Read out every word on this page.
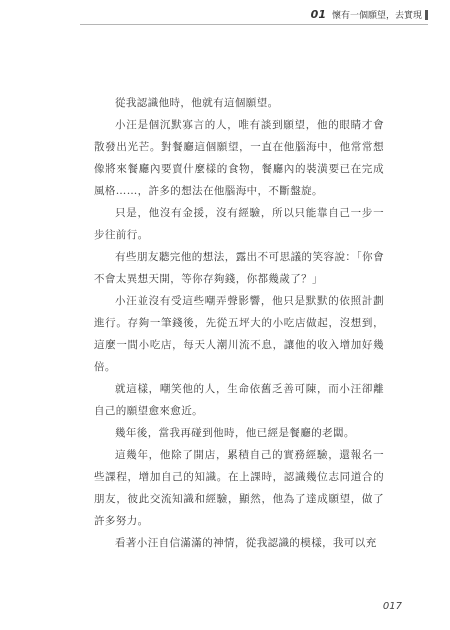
01 懷有一個願望，去實現

從我認識他時，他就有這個願望。

小汪是個沉默寡言的人，唯有談到願望，他的眼睛才會散發出光芒。對餐廳這個願望，一直在他腦海中，他常常想像將來餐廳內要賣什麼樣的食物，餐廳內的裝潢要已在完成風格……，許多的想法在他腦海中，不斷盤旋。

只是，他沒有金援，沒有經驗，所以只能靠自己一步一步往前行。

有些朋友聽完他的想法，露出不可思議的笑容說：「你會不會太異想天開，等你存夠錢，你都幾歲了？」

小汪並沒有受這些嘲弄聲影響，他只是默默的依照計劃進行。存夠一筆錢後，先從五坪大的小吃店做起，沒想到，這麼一間小吃店，每天人潮川流不息，讓他的收入增加好幾倍。

就這樣，嘲笑他的人，生命依舊乏善可陳，而小汪卻離自己的願望愈來愈近。

幾年後，當我再碰到他時，他已經是餐廳的老闆。

這幾年，他除了開店，累積自己的實務經驗，還報名一些課程，增加自己的知識。在上課時，認識幾位志同道合的朋友，彼此交流知識和經驗，顯然，他為了達成願望，做了許多努力。

看著小汪自信滿滿的神情，從我認識的模樣，我可以充

017
